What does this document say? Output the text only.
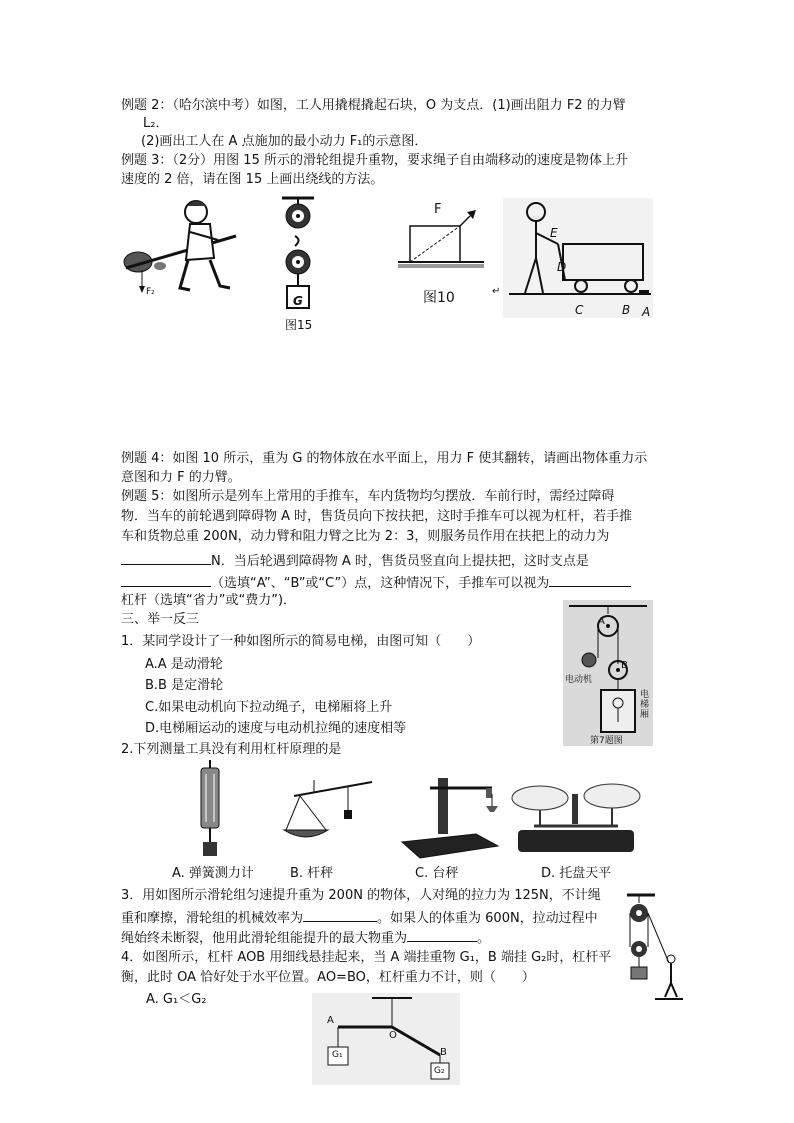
例题 2：（哈尔滨中考）如图，工人用撬棍撬起石块，O 为支点．(1)画出阻力 F2 的力臂
L₂．
(2)画出工人在 A 点施加的最小动力 F₁的示意图．
例题 3：（2分）用图 15 所示的滑轮组提升重物，要求绳子自由端移动的速度是物体上升
速度的 2 倍，请在图 15 上画出绕线的方法。
F₂
G
图15
F
图10	↵
E
D
C	B A
例题 4：如图 10 所示，重为 G 的物体放在水平面上，用力 F 使其翻转，请画出物体重力示
意图和力 F 的力臂。
例题 5：如图所示是列车上常用的手推车，车内货物均匀摆放．车前行时，需经过障碍
物．当车的前轮遇到障碍物 A 时，售货员向下按扶把，这时手推车可以视为杠杆，若手推
车和货物总重 200N，动力臂和阻力臂之比为 2：3，则服务员作用在扶把上的动力为
N．当后轮遇到障碍物 A 时，售货员竖直向上提扶把，这时支点是
（选填“A”、“B”或“C”）点，这种情况下，手推车可以视为
杠杆（选填“省力”或“费力”)．
三、举一反三
1．某同学设计了一种如图所示的简易电梯，由图可知（　　）
A.A 是动滑轮
B.B 是定滑轮
C.如果电动机向下拉动绳子，电梯厢将上升
D.电梯厢运动的速度与电动机拉绳的速度相等
A
B
电动机
电梯厢
第7题图
2.下列测量工具没有利用杠杆原理的是
A. 弹簧测力计	B. 杆秤	C. 台秤	D. 托盘天平
3．用如图所示滑轮组匀速提升重为 200N 的物体，人对绳的拉力为 125N，不计绳
重和摩擦，滑轮组的机械效率为	。如果人的体重为 600N，拉动过程中
绳始终未断裂，他用此滑轮组能提升的最大物重为	。
4．如图所示，杠杆 AOB 用细线悬挂起来，当 A 端挂重物 G₁，B 端挂 G₂时，杠杆平
衡，此时 OA 恰好处于水平位置。AO=BO，杠杆重力不计，则（　　）
A. G₁＜G₂
A
O
B
G₁
G₂
